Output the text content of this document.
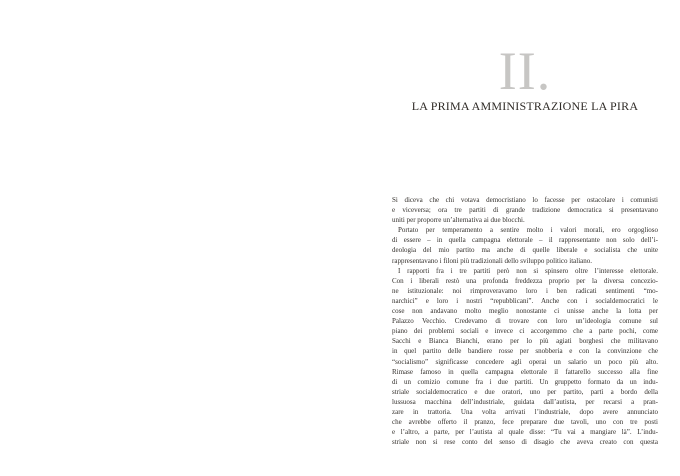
II.
LA PRIMA AMMINISTRAZIONE LA PIRA
Si diceva che chi votava democristiano lo facesse per ostacolare i comunisti
e viceversa; ora tre partiti di grande tradizione democratica si presentavano
uniti per proporre un’alternativa ai due blocchi.
Portato per temperamento a sentire molto i valori morali, ero orgoglioso
di essere – in quella campagna elettorale – il rappresentante non solo dell’i-
deologia del mio partito ma anche di quelle liberale e socialista che unite
rappresentavano i filoni più tradizionali dello sviluppo politico italiano.
I rapporti fra i tre partiti però non si spinsero oltre l’interesse elettorale.
Con i liberali restò una profonda freddezza proprio per la diversa concezio-
ne istituzionale: noi rimproveravamo loro i ben radicati sentimenti “mo-
narchici” e loro i nostri “repubblicani”. Anche con i socialdemocratici le
cose non andavano molto meglio nonostante ci unisse anche la lotta per
Palazzo Vecchio. Credevamo di trovare con loro un’ideologia comune sul
piano dei problemi sociali e invece ci accorgemmo che a parte pochi, come
Sacchi e Bianca Bianchi, erano per lo più agiati borghesi che militavano
in quel partito delle bandiere rosse per snobberia e con la convinzione che
“socialismo” significasse concedere agli operai un salario un poco più alto.
Rimase famoso in quella campagna elettorale il fattarello successo alla fine
di un comizio comune fra i due partiti. Un gruppetto formato da un indu-
striale socialdemocratico e due oratori, uno per partito, partì a bordo della
lussuosa macchina dell’industriale, guidata dall’autista, per recarsi a pran-
zare in trattoria. Una volta arrivati l’industriale, dopo avere annunciato
che avrebbe offerto il pranzo, fece preparare due tavoli, uno con tre posti
e l’altro, a parte, per l’autista al quale disse: “Tu vai a mangiare là”. L’indu-
striale non si rese conto del senso di disagio che aveva creato con questa
